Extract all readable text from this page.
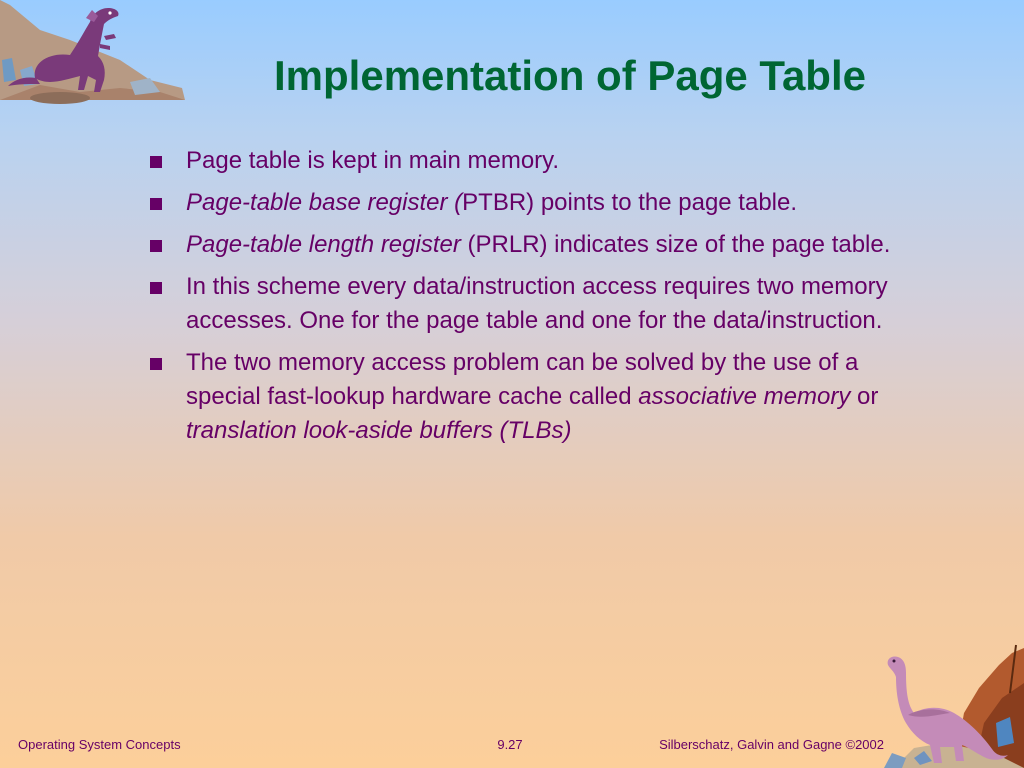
Implementation of Page Table
Page table is kept in main memory.
Page-table base register (PTBR) points to the page table.
Page-table length register (PRLR) indicates size of the page table.
In this scheme every data/instruction access requires two memory accesses. One for the page table and one for the data/instruction.
The two memory access problem can be solved by the use of a special fast-lookup hardware cache called associative memory or translation look-aside buffers (TLBs)
Operating System Concepts	9.27	Silberschatz, Galvin and Gagne ©2002
